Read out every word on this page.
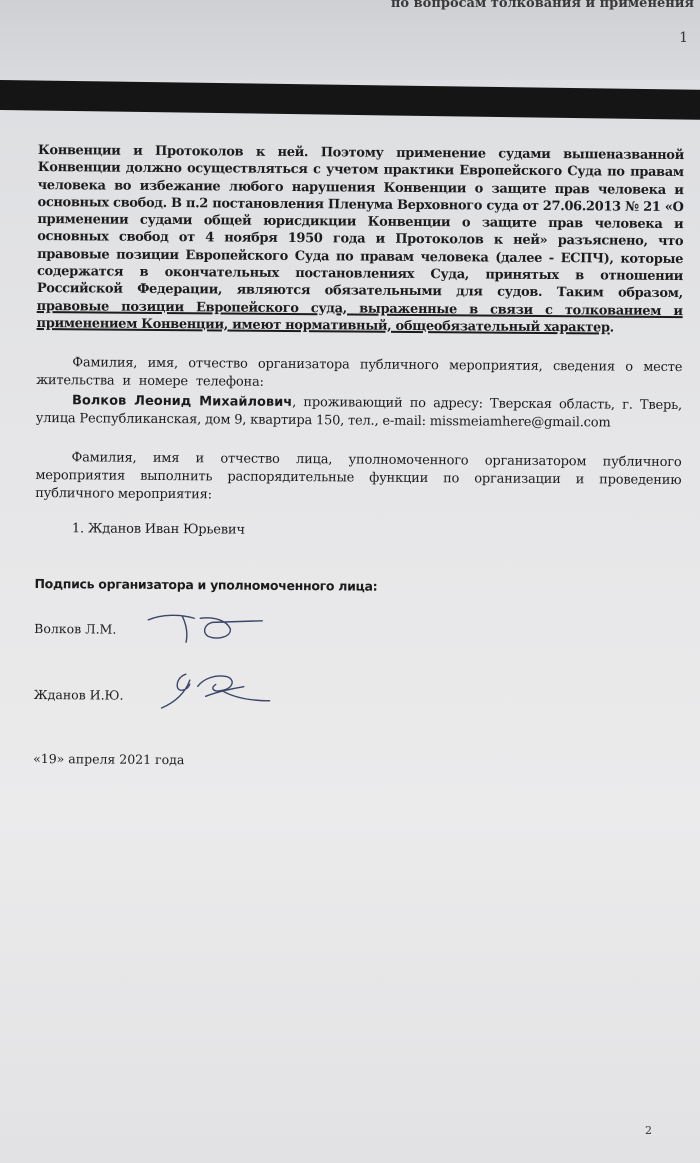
по вопросам толкования и применения
1

Конвенции и Протоколов к ней. Поэтому применение судами вышеназванной Конвенции должно осуществляться с учетом практики Европейского Суда по правам человека во избежание любого нарушения Конвенции о защите прав человека и основных свобод. В п.2 постановления Пленума Верховного суда от 27.06.2013 № 21 «О применении судами общей юрисдикции Конвенции о защите прав человека и основных свобод от 4 ноября 1950 года и Протоколов к ней» разъяснено, что правовые позиции Европейского Суда по правам человека (далее - ЕСПЧ), которые содержатся в окончательных постановлениях Суда, принятых в отношении Российской Федерации, являются обязательными для судов. Таким образом, правовые позиции Европейского суда, выраженные в связи с толкованием и применением Конвенции, имеют нормативный, общеобязательный характер.

Фамилия, имя, отчество организатора публичного мероприятия, сведения о месте жительства и номере телефона:

Волков Леонид Михайлович, проживающий по адресу: Тверская область, г. Тверь, улица Республиканская, дом 9, квартира 150, тел., e-mail: missmeiamhere@gmail.com

Фамилия, имя и отчество лица, уполномоченного организатором публичного мероприятия выполнить распорядительные функции по организации и проведению публичного мероприятия:

1. Жданов Иван Юрьевич

Подпись организатора и уполномоченного лица:

Волков Л.М.
Жданов И.Ю.

«19» апреля 2021 года

2
